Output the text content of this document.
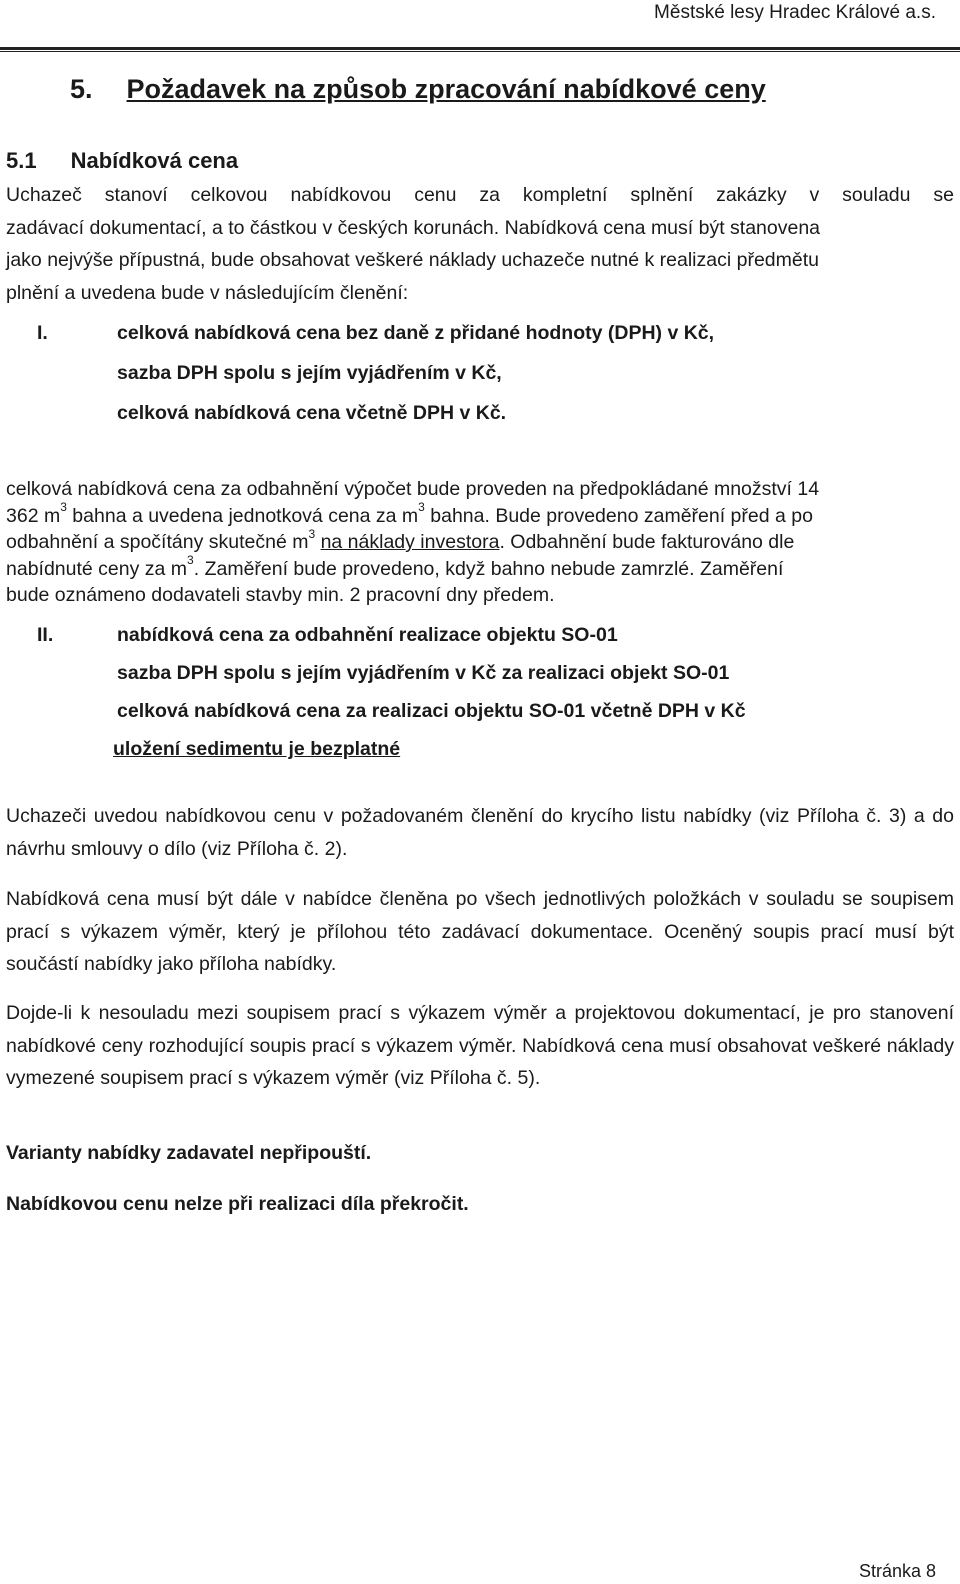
Městské lesy Hradec Králové a.s.
5. Požadavek na způsob zpracování nabídkové ceny
5.1 Nabídková cena
Uchazeč stanoví celkovou nabídkovou cenu za kompletní splnění zakázky v souladu se
zadávací dokumentací, a to částkou v českých korunách. Nabídková cena musí být stanovena
jako nejvýše přípustná, bude obsahovat veškeré náklady uchazeče nutné k realizaci předmětu
plnění a uvedena bude v následujícím členění:
I.	celková nabídková cena bez daně z přidané hodnoty (DPH) v Kč,
sazba DPH spolu s jejím vyjádřením v Kč,
celková nabídková cena včetně DPH v Kč.
celková nabídková cena za odbahnění výpočet bude proveden na předpokládané množství 14
362 $m^3$ bahna a uvedena jednotková cena za $m^3$ bahna. Bude provedeno zaměření před a po
odbahnění a spočítány skutečné $m^3$ na náklady investora. Odbahnění bude fakturováno dle
nabídnuté ceny za $m^3$. Zaměření bude provedeno, když bahno nebude zamrzlé. Zaměření
bude oznámeno dodavateli stavby min. 2 pracovní dny předem.
II.	nabídková cena za odbahnění realizace objektu SO-01
sazba DPH spolu s jejím vyjádřením v Kč za realizaci objekt SO-01
celková nabídková cena za realizaci objektu SO-01 včetně DPH v Kč
uložení sedimentu je bezplatné
Uchazeči uvedou nabídkovou cenu v požadovaném členění do krycího listu nabídky (viz Příloha č. 3) a do návrhu smlouvy o dílo (viz Příloha č. 2).
Nabídková cena musí být dále v nabídce členěna po všech jednotlivých položkách v souladu se soupisem prací s výkazem výměr, který je přílohou této zadávací dokumentace. Oceněný soupis prací musí být součástí nabídky jako příloha nabídky.
Dojde-li k nesouladu mezi soupisem prací s výkazem výměr a projektovou dokumentací, je pro stanovení nabídkové ceny rozhodující soupis prací s výkazem výměr. Nabídková cena musí obsahovat veškeré náklady vymezené soupisem prací s výkazem výměr (viz Příloha č. 5).
Varianty nabídky zadavatel nepřipouští.
Nabídkovou cenu nelze při realizaci díla překročit.
Stránka 8
